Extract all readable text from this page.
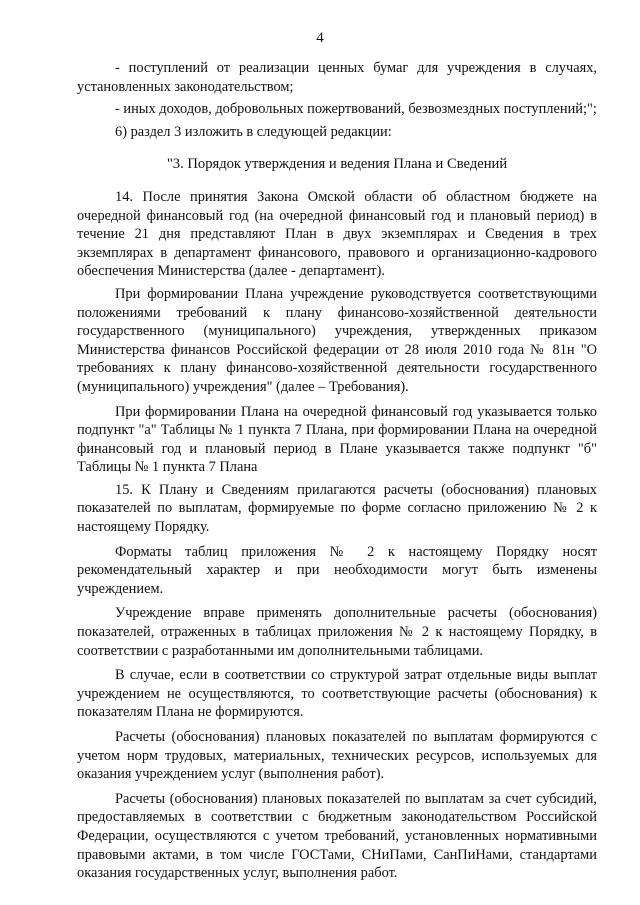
4

- поступлений от реализации ценных бумаг для учреждения в случаях, установленных законодательством;

- иных доходов, добровольных пожертвований, безвозмездных поступлений;";

6) раздел 3 изложить в следующей редакции:

"3. Порядок утверждения и ведения Плана и Сведений

14. После принятия Закона Омской области об областном бюджете на очередной финансовый год (на очередной финансовый год и плановый период) в течение 21 дня представляют План в двух экземплярах и Сведения в трех экземплярах в департамент финансового, правового и организационно-кадрового обеспечения Министерства (далее - департамент).

При формировании Плана учреждение руководствуется соответствующими положениями требований к плану финансово-хозяйственной деятельности государственного (муниципального) учреждения, утвержденных приказом Министерства финансов Российской федерации от 28 июля 2010 года № 81н "О требованиях к плану финансово-хозяйственной деятельности государственного (муниципального) учреждения" (далее – Требования).

При формировании Плана на очередной финансовый год указывается только подпункт "а" Таблицы № 1 пункта 7 Плана, при формировании Плана на очередной финансовый год и плановый период в Плане указывается также подпункт "б" Таблицы № 1 пункта 7 Плана

15. К Плану и Сведениям прилагаются расчеты (обоснования) плановых показателей по выплатам, формируемые по форме согласно приложению № 2 к настоящему Порядку.

Форматы таблиц приложения № 2 к настоящему Порядку носят рекомендательный характер и при необходимости могут быть изменены учреждением.

Учреждение вправе применять дополнительные расчеты (обоснования) показателей, отраженных в таблицах приложения № 2 к настоящему Порядку, в соответствии с разработанными им дополнительными таблицами.

В случае, если в соответствии со структурой затрат отдельные виды выплат учреждением не осуществляются, то соответствующие расчеты (обоснования) к показателям Плана не формируются.

Расчеты (обоснования) плановых показателей по выплатам формируются с учетом норм трудовых, материальных, технических ресурсов, используемых для оказания учреждением услуг (выполнения работ).

Расчеты (обоснования) плановых показателей по выплатам за счет субсидий, предоставляемых в соответствии с бюджетным законодательством Российской Федерации, осуществляются с учетом требований, установленных нормативными правовыми актами, в том числе ГОСТами, СНиПами, СанПиНами, стандартами оказания государственных услуг, выполнения работ.
